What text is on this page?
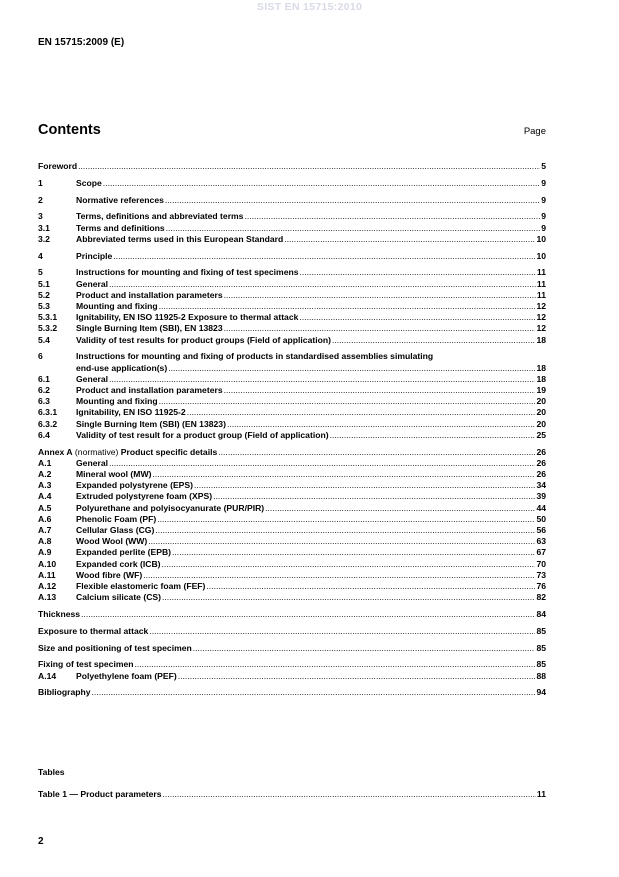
SIST EN 15715:2010
EN 15715:2009 (E)
Contents	Page
Foreword .....	5
1	Scope .....	9
2	Normative references .....	9
3	Terms, definitions and abbreviated terms .....	9
3.1	Terms and definitions .....	9
3.2	Abbreviated terms used in this European Standard .....	10
4	Principle .....	10
5	Instructions for mounting and fixing of test specimens .....	11
5.1	General .....	11
5.2	Product and installation parameters .....	11
5.3	Mounting and fixing .....	12
5.3.1	Ignitability, EN ISO 11925-2 Exposure to thermal attack .....	12
5.3.2	Single Burning Item (SBI), EN 13823 .....	12
5.4	Validity of test results for product groups (Field of application) .....	18
6	Instructions for mounting and fixing of products in standardised assemblies simulating
end-use application(s) .....	18
6.1	General .....	18
6.2	Product and installation parameters .....	19
6.3	Mounting and fixing .....	20
6.3.1	Ignitability, EN ISO 11925-2 .....	20
6.3.2	Single Burning Item (SBI) (EN 13823) .....	20
6.4	Validity of test result for a product group (Field of application) .....	25
Annex A (normative) Product specific details .....	26
A.1	General .....	26
A.2	Mineral wool (MW) .....	26
A.3	Expanded polystyrene (EPS) .....	34
A.4	Extruded polystyrene foam (XPS) .....	39
A.5	Polyurethane and polyisocyanurate (PUR/PIR) .....	44
A.6	Phenolic Foam (PF) .....	50
A.7	Cellular Glass (CG) .....	56
A.8	Wood Wool (WW) .....	63
A.9	Expanded perlite (EPB) .....	67
A.10	Expanded cork (ICB) .....	70
A.11	Wood fibre (WF) .....	73
A.12	Flexible elastomeric foam (FEF) .....	76
A.13	Calcium silicate (CS) .....	82
Thickness .....	84
Exposure to thermal attack .....	85
Size and positioning of test specimen .....	85
Fixing of test specimen .....	85
A.14	Polyethylene foam (PEF) .....	88
Bibliography .....	94
Tables
Table 1 — Product parameters .....	11
2
